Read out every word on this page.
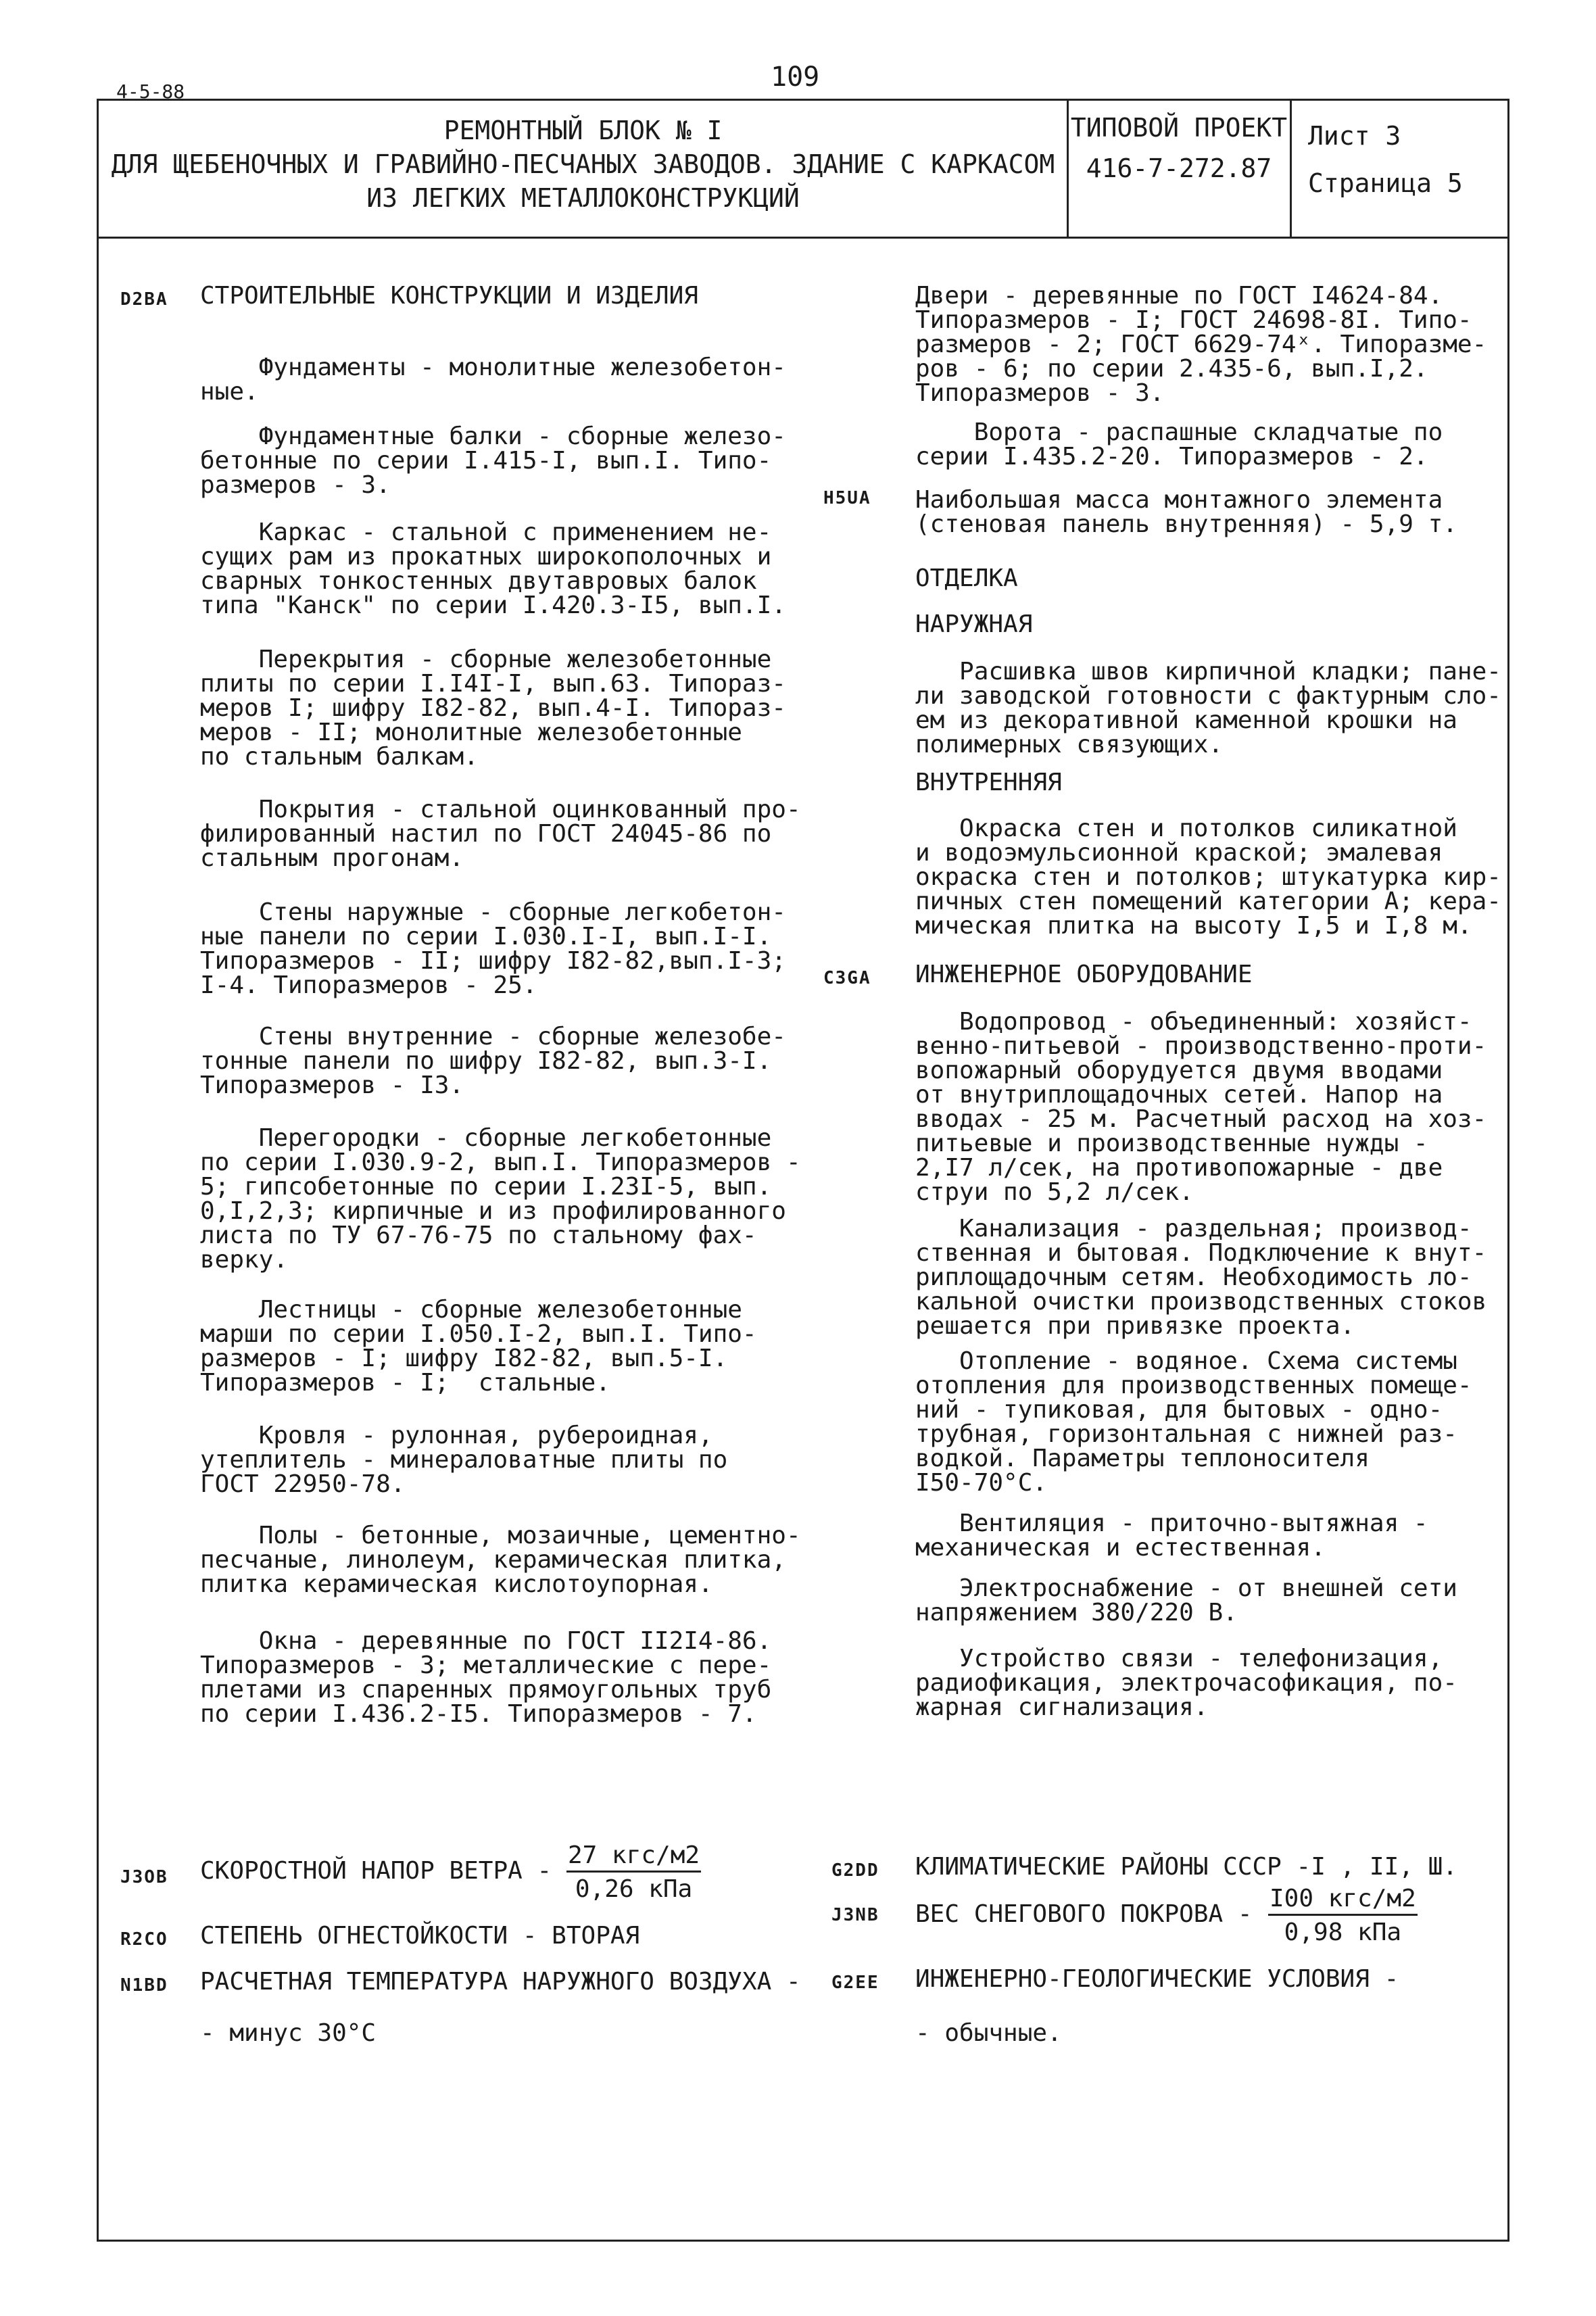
4-5-88	109
РЕМОНТНЫЙ БЛОК № I
ДЛЯ ЩЕБЕНОЧНЫХ И ГРАВИЙНО-ПЕСЧАНЫХ ЗАВОДОВ. ЗДАНИЕ С КАРКАСОМ
ИЗ ЛЕГКИХ МЕТАЛЛОКОНСТРУКЦИЙ
ТИПОВОЙ ПРОЕКТ
416-7-272.87
Лист 3
Страница 5
D2BA СТРОИТЕЛЬНЫЕ КОНСТРУКЦИИ И ИЗДЕЛИЯ
Фундаменты - монолитные железобетон-
ные.
Фундаментные балки - сборные железо-
бетонные по серии I.415-I, вып.I. Типо-
размеров - 3.
Каркас - стальной с применением не-
сущих рам из прокатных широкополочных и
сварных тонкостенных двутавровых балок
типа "Канск" по серии I.420.3-I5, вып.I.
Перекрытия - сборные железобетонные
плиты по серии I.I4I-I, вып.63. Типораз-
меров I; шифру I82-82, вып.4-I. Типораз-
меров - II; монолитные железобетонные
по стальным балкам.
Покрытия - стальной оцинкованный про-
филированный настил по ГОСТ 24045-86 по
стальным прогонам.
Стены наружные - сборные легкобетон-
ные панели по серии I.030.I-I, вып.I-I.
Типоразмеров - II; шифру I82-82,вып.I-3;
I-4. Типоразмеров - 25.
Стены внутренние - сборные железобе-
тонные панели по шифру I82-82, вып.3-I.
Типоразмеров - I3.
Перегородки - сборные легкобетонные
по серии I.030.9-2, вып.I. Типоразмеров -
5; гипсобетонные по серии I.23I-5, вып.
0,I,2,3; кирпичные и из профилированного
листа по ТУ 67-76-75 по стальному фах-
верку.
Лестницы - сборные железобетонные
марши по серии I.050.I-2, вып.I. Типо-
размеров - I; шифру I82-82, вып.5-I.
Типоразмеров - I;  стальные.
Кровля - рулонная, рубероидная,
утеплитель - минераловатные плиты по
ГОСТ 22950-78.
Полы - бетонные, мозаичные, цементно-
песчаные, линолеум, керамическая плитка,
плитка керамическая кислотоупорная.
Окна - деревянные по ГОСТ II2I4-86.
Типоразмеров - 3; металлические с пере-
плетами из спаренных прямоугольных труб
по серии I.436.2-I5. Типоразмеров - 7.
Двери - деревянные по ГОСТ I4624-84.
Типоразмеров - I; ГОСТ 24698-8I. Типо-
размеров - 2; ГОСТ 6629-74ˣ. Типоразме-
ров - 6; по серии 2.435-6, вып.I,2.
Типоразмеров - 3.
Ворота - распашные складчатые по
серии I.435.2-20. Типоразмеров - 2.
H5UA Наибольшая масса монтажного элемента
(стеновая панель внутренняя) - 5,9 т.
ОТДЕЛКА
НАРУЖНАЯ
Расшивка швов кирпичной кладки; пане-
ли заводской готовности с фактурным сло-
ем из декоративной каменной крошки на
полимерных связующих.
ВНУТРЕННЯЯ
Окраска стен и потолков силикатной
и водоэмульсионной краской; эмалевая
окраска стен и потолков; штукатурка кир-
пичных стен помещений категории А; кера-
мическая плитка на высоту I,5 и I,8 м.
C3GA ИНЖЕНЕРНОЕ ОБОРУДОВАНИЕ
Водопровод - объединенный: хозяйст-
венно-питьевой - производственно-проти-
вопожарный оборудуется двумя вводами
от внутриплощадочных сетей. Напор на
вводах - 25 м. Расчетный расход на хоз-
питьевые и производственные нужды -
2,I7 л/сек, на противопожарные - две
струи по 5,2 л/сек.
Канализация - раздельная; производ-
ственная и бытовая. Подключение к внут-
риплощадочным сетям. Необходимость ло-
кальной очистки производственных стоков
решается при привязке проекта.
Отопление - водяное. Схема системы
отопления для производственных помеще-
ний - тупиковая, для бытовых - одно-
трубная, горизонтальная с нижней раз-
водкой. Параметры теплоносителя
I50-70°C.
Вентиляция - приточно-вытяжная -
механическая и естественная.
Электроснабжение - от внешней сети
напряжением 380/220 В.
Устройство связи - телефонизация,
радиофикация, электрочасофикация, по-
жарная сигнализация.
J3OB СКОРОСТНОЙ НАПОР ВЕТРА -
27 кгс/м2
0,26 кПа
R2CO СТЕПЕНЬ ОГНЕСТОЙКОСТИ - ВТОРАЯ
N1BD РАСЧЕТНАЯ ТЕМПЕРАТУРА НАРУЖНОГО ВОЗДУХА -
- минус 30°С
G2DD КЛИМАТИЧЕСКИЕ РАЙОНЫ СССР -I , II, Ш.
J3NB ВЕС СНЕГОВОГО ПОКРОВА -
I00 кгс/м2
0,98 кПа
G2EE ИНЖЕНЕРНО-ГЕОЛОГИЧЕСКИЕ УСЛОВИЯ -
- обычные.
